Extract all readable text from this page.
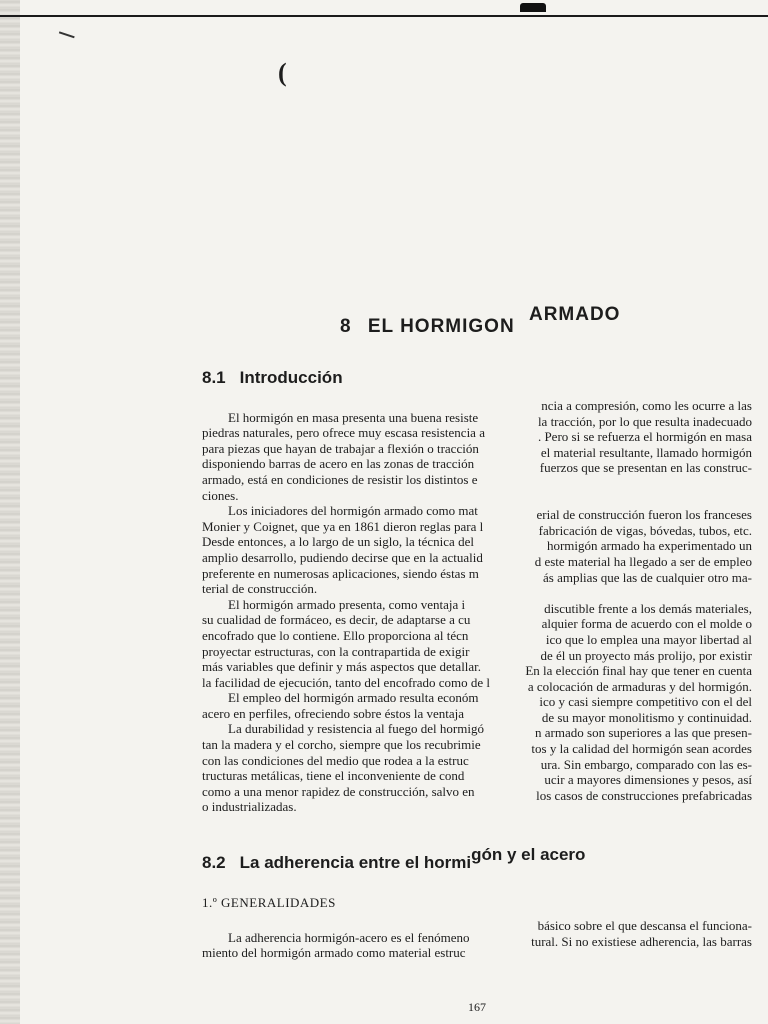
(
8 EL HORMIGON ARMADO
8.1 Introducción
ncia a compresión, como les ocurre a las
El hormigón en masa presenta una buena resiste	la tracción, por lo que resulta inadecuado
piedras naturales, pero ofrece muy escasa resistencia a	. Pero si se refuerza el hormigón en masa
para piezas que hayan de trabajar a flexión o tracción	el material resultante, llamado hormigón
disponiendo barras de acero en las zonas de tracción	fuerzos que se presentan en las construc-
armado, está en condiciones de resistir los distintos e
ciones.
Los iniciadores del hormigón armado como mat	erial de construcción fueron los franceses
Monier y Coignet, que ya en 1861 dieron reglas para l	fabricación de vigas, bóvedas, tubos, etc.
Desde entonces, a lo largo de un siglo, la técnica del	hormigón armado ha experimentado un
amplio desarrollo, pudiendo decirse que en la actualid	d este material ha llegado a ser de empleo
preferente en numerosas aplicaciones, siendo éstas m	ás amplias que las de cualquier otro ma-
terial de construcción.
El hormigón armado presenta, como ventaja i	discutible frente a los demás materiales,
su cualidad de formáceo, es decir, de adaptarse a cu	alquier forma de acuerdo con el molde o
encofrado que lo contiene. Ello proporciona al técn	ico que lo emplea una mayor libertad al
proyectar estructuras, con la contrapartida de exigir	de él un proyecto más prolijo, por existir
más variables que definir y más aspectos que detallar.	En la elección final hay que tener en cuenta
la facilidad de ejecución, tanto del encofrado como de l	a colocación de armaduras y del hormigón.
El empleo del hormigón armado resulta económ	ico y casi siempre competitivo con el del
acero en perfiles, ofreciendo sobre éstos la ventaja	de su mayor monolitismo y continuidad.
La durabilidad y resistencia al fuego del hormigó	n armado son superiores a las que presen-
tan la madera y el corcho, siempre que los recubrimie	tos y la calidad del hormigón sean acordes
con las condiciones del medio que rodea a la estruc	ura. Sin embargo, comparado con las es-
tructuras metálicas, tiene el inconveniente de cond	ucir a mayores dimensiones y pesos, así
como a una menor rapidez de construcción, salvo en	los casos de construcciones prefabricadas
o industrializadas.
8.2 La adherencia entre el hormigón y el acero
1.º GENERALIDADES
básico sobre el que descansa el funciona-
La adherencia hormigón-acero es el fenómeno	tural. Si no existiese adherencia, las barras
miento del hormigón armado como material estruc
167
